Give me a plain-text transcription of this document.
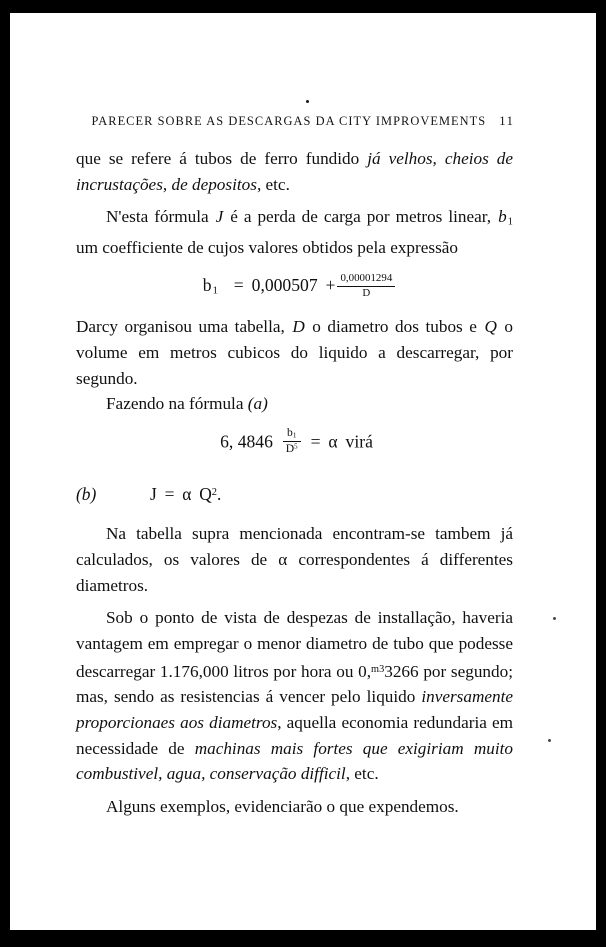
PARECER SOBRE AS DESCARGAS DA CITY IMPROVEMENTS 11

que se refere á tubos de ferro fundido já velhos, cheios de incrustações, de depositos, etc.

N'esta fórmula J é a perda de carga por metros linear, $b_1$ um coefficiente de cujos valores obtidos pela expressão

$b_1 = 0,000507 + \frac{0,00001294}{D}$

Darcy organisou uma tabella, D o diametro dos tubos e Q o volume em metros cubicos do liquido a descarregar, por segundo.

Fazendo na fórmula (a)

6, $4846 \frac{b_1}{D^5} = \alpha$ virá
(b)	J = α $Q^2$.

Na tabella supra mencionada encontram-se tambem já calculados, os valores de α correspondentes á differentes diametros.

Sob o ponto de vista de despezas de installação, haveria vantagem em empregar o menor diametro de tubo que podesse descarregar 1.176,000 litros por hora ou 0,$^{m3}$3266 por segundo; mas, sendo as resistencias á vencer pelo liquido inversamente proporcionaes aos diametros, aquella economia redundaria em necessidade de machinas mais fortes que exigiriam muito combustivel, agua, conservação difficil, etc.

Alguns exemplos, evidenciarão o que expendemos.
